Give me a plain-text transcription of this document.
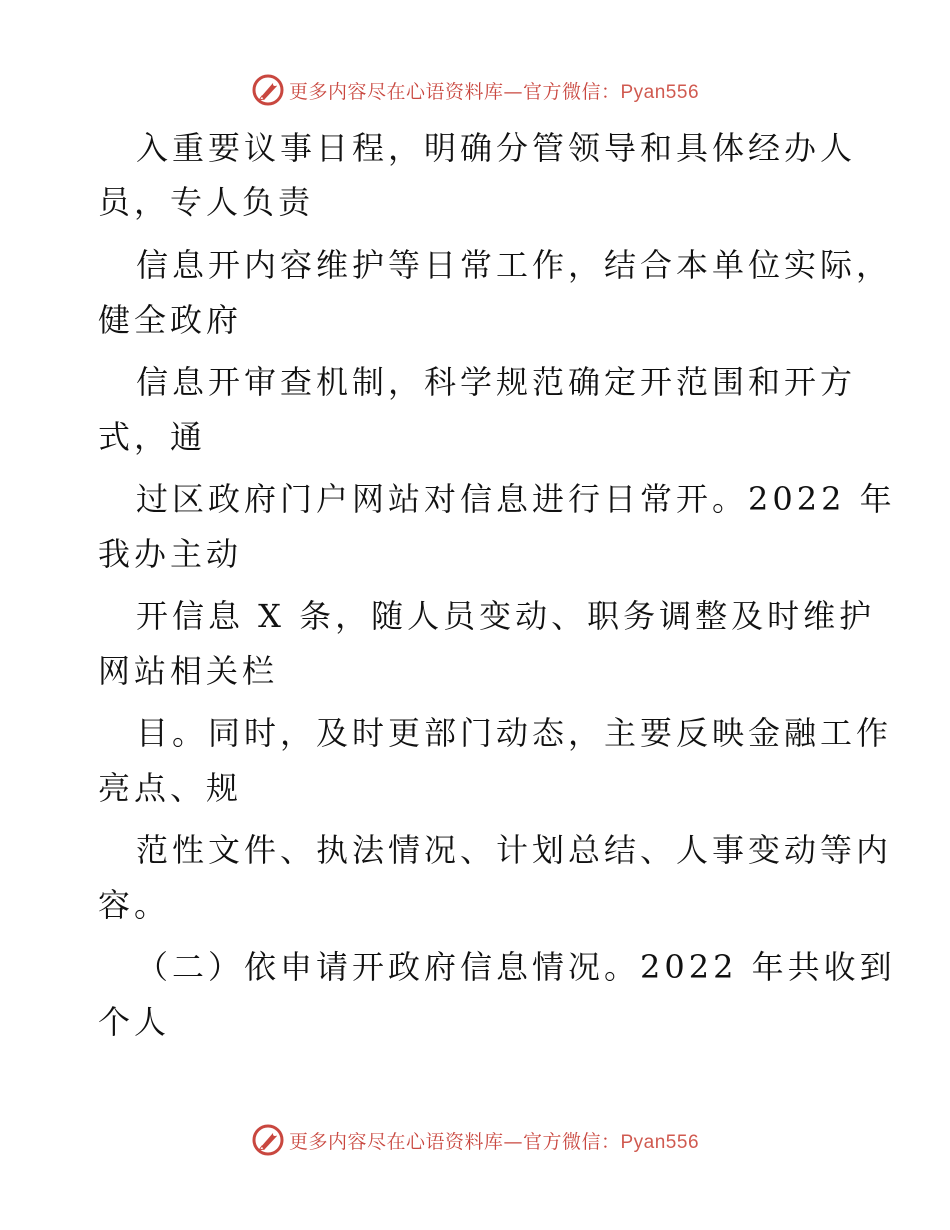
更多内容尽在心语资料库—官方微信：Pyan556
入重要议事日程，明确分管领导和具体经办人
员，专人负责
信息开内容维护等日常工作，结合本单位实际，
健全政府
信息开审查机制，科学规范确定开范围和开方
式，通
过区政府门户网站对信息进行日常开。2022 年
我办主动
开信息 X 条，随人员变动、职务调整及时维护
网站相关栏
目。同时，及时更部门动态，主要反映金融工作
亮点、规
范性文件、执法情况、计划总结、人事变动等内
容。
（二）依申请开政府信息情况。2022 年共收到
个人
更多内容尽在心语资料库—官方微信：Pyan556
